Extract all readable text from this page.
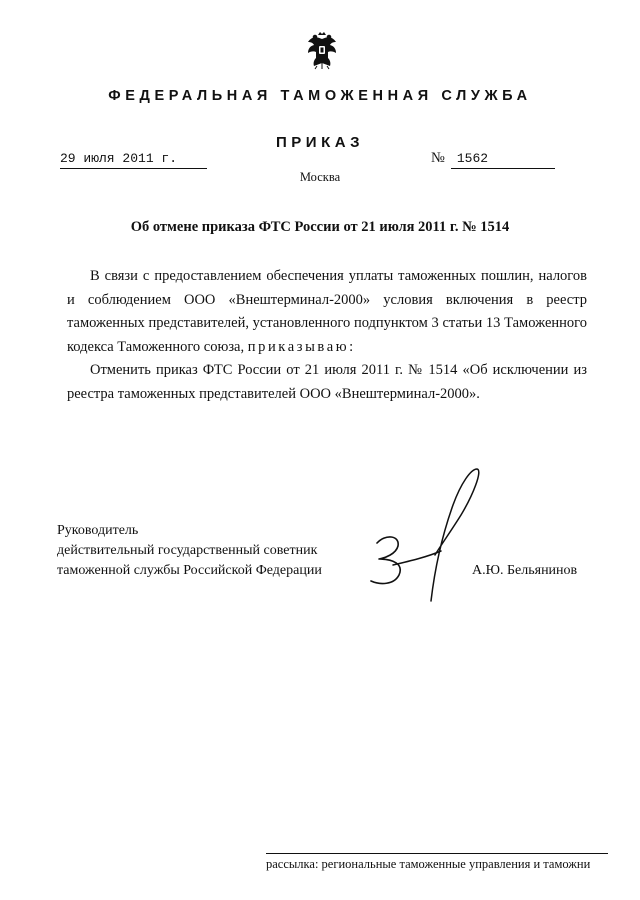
ФЕДЕРАЛЬНАЯ ТАМОЖЕННАЯ СЛУЖБА
ПРИКАЗ
29 июля 2011 г.	№ 1562
Москва
Об отмене приказа ФТС России от 21 июля 2011 г. № 1514

В связи с предоставлением обеспечения уплаты таможенных пошлин, налогов и соблюдением ООО «Внештерминал-2000» условия включения в реестр таможенных представителей, установленного подпунктом 3 статьи 13 Таможенного кодекса Таможенного союза, приказываю:

Отменить приказ ФТС России от 21 июля 2011 г. № 1514 «Об исключении из реестра таможенных представителей ООО «Внештерминал-2000».

Руководитель
действительный государственный советник
таможенной службы Российской Федерации	А.Ю. Бельянинов
рассылка: региональные таможенные управления и таможни
